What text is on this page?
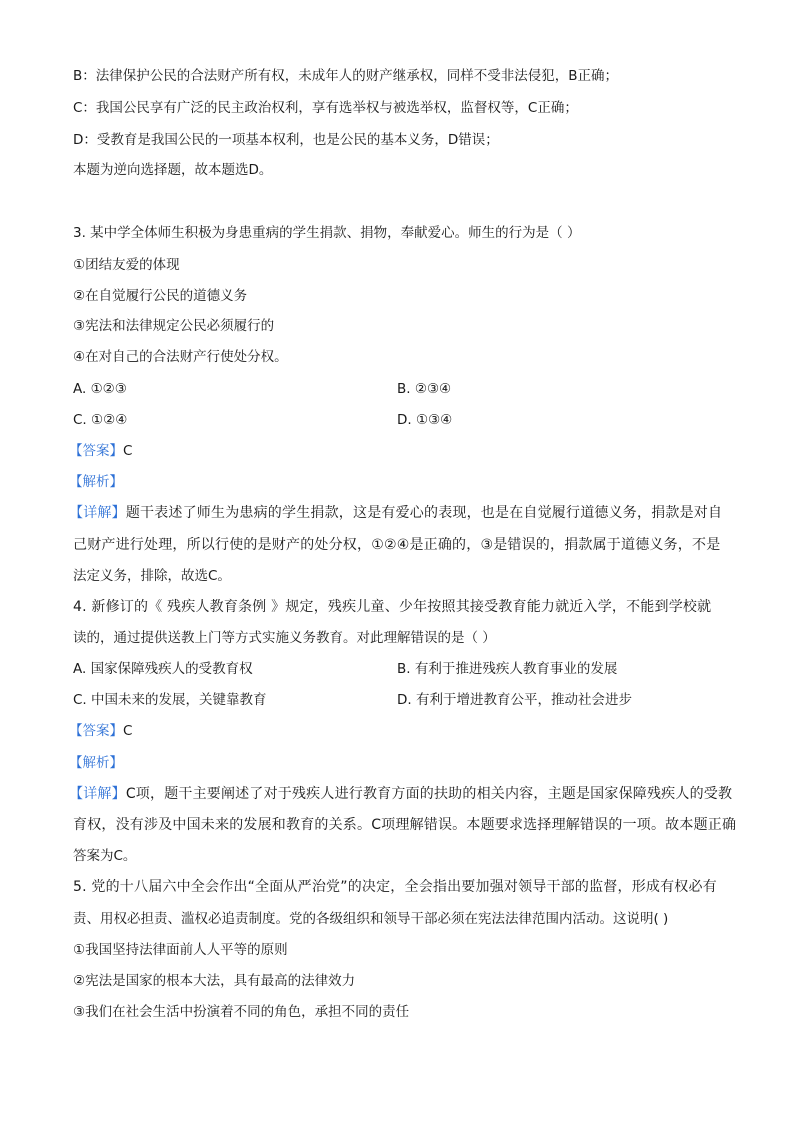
B：法律保护公民的合法财产所有权，未成年人的财产继承权，同样不受非法侵犯，B正确；
C：我国公民享有广泛的民主政治权利，享有选举权与被选举权，监督权等，C正确；
D：受教育是我国公民的一项基本权利，也是公民的基本义务，D错误；
本题为逆向选择题，故本题选D。
3. 某中学全体师生积极为身患重病的学生捐款、捐物，奉献爱心。师生的行为是（ ）
①团结友爱的体现
②在自觉履行公民的道德义务
③宪法和法律规定公民必须履行的
④在对自己的合法财产行使处分权。
A. ①②③	B. ②③④
C. ①②④	D. ①③④
【答案】C
【解析】
【详解】题干表述了师生为患病的学生捐款，这是有爱心的表现，也是在自觉履行道德义务，捐款是对自
己财产进行处理，所以行使的是财产的处分权，①②④是正确的，③是错误的，捐款属于道德义务，不是
法定义务，排除，故选C。
4. 新修订的《 残疾人教育条例 》规定，残疾儿童、少年按照其接受教育能力就近入学，不能到学校就
读的，通过提供送教上门等方式实施义务教育。对此理解错误的是（ ）
A. 国家保障残疾人的受教育权	B. 有利于推进残疾人教育事业的发展
C. 中国未来的发展，关键靠教育	D. 有利于增进教育公平，推动社会进步
【答案】C
【解析】
【详解】C项，题干主要阐述了对于残疾人进行教育方面的扶助的相关内容，主题是国家保障残疾人的受教
育权，没有涉及中国未来的发展和教育的关系。C项理解错误。本题要求选择理解错误的一项。故本题正确
答案为C。
5. 党的十八届六中全会作出“全面从严治党”的决定，全会指出要加强对领导干部的监督，形成有权必有
责、用权必担责、滥权必追责制度。党的各级组织和领导干部必须在宪法法律范围内活动。这说明( )
①我国坚持法律面前人人平等的原则
②宪法是国家的根本大法，具有最高的法律效力
③我们在社会生活中扮演着不同的角色，承担不同的责任
